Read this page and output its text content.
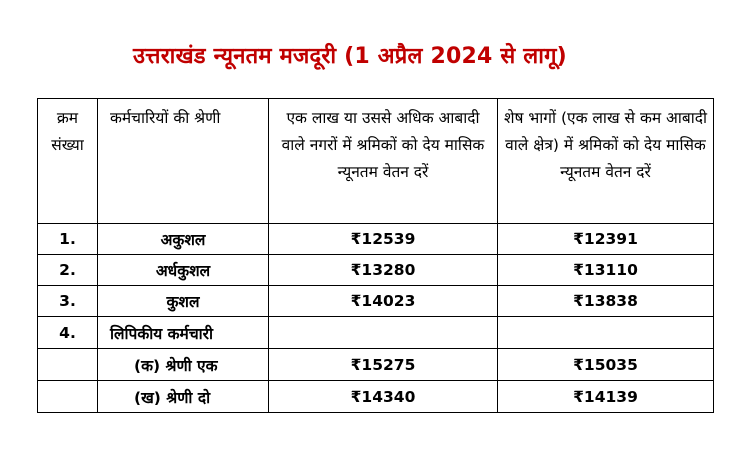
उत्तराखंड न्यूनतम मजदूरी (1 अप्रैल 2024 से लागू)
क्रम
संख्या	कर्मचारियों की श्रेणी	एक लाख या उससे अधिक आबादी वाले नगरों में श्रमिकों को देय मासिक न्यूनतम वेतन दरें	शेष भागों (एक लाख से कम आबादी वाले क्षेत्र) में श्रमिकों को देय मासिक न्यूनतम वेतन दरें
1.	अकुशल	₹12539	₹12391
2.	अर्धकुशल	₹13280	₹13110
3.	कुशल	₹14023	₹13838
4.	लिपिकीय कर्मचारी		
	(क) श्रेणी एक	₹15275	₹15035
	(ख) श्रेणी दो	₹14340	₹14139
